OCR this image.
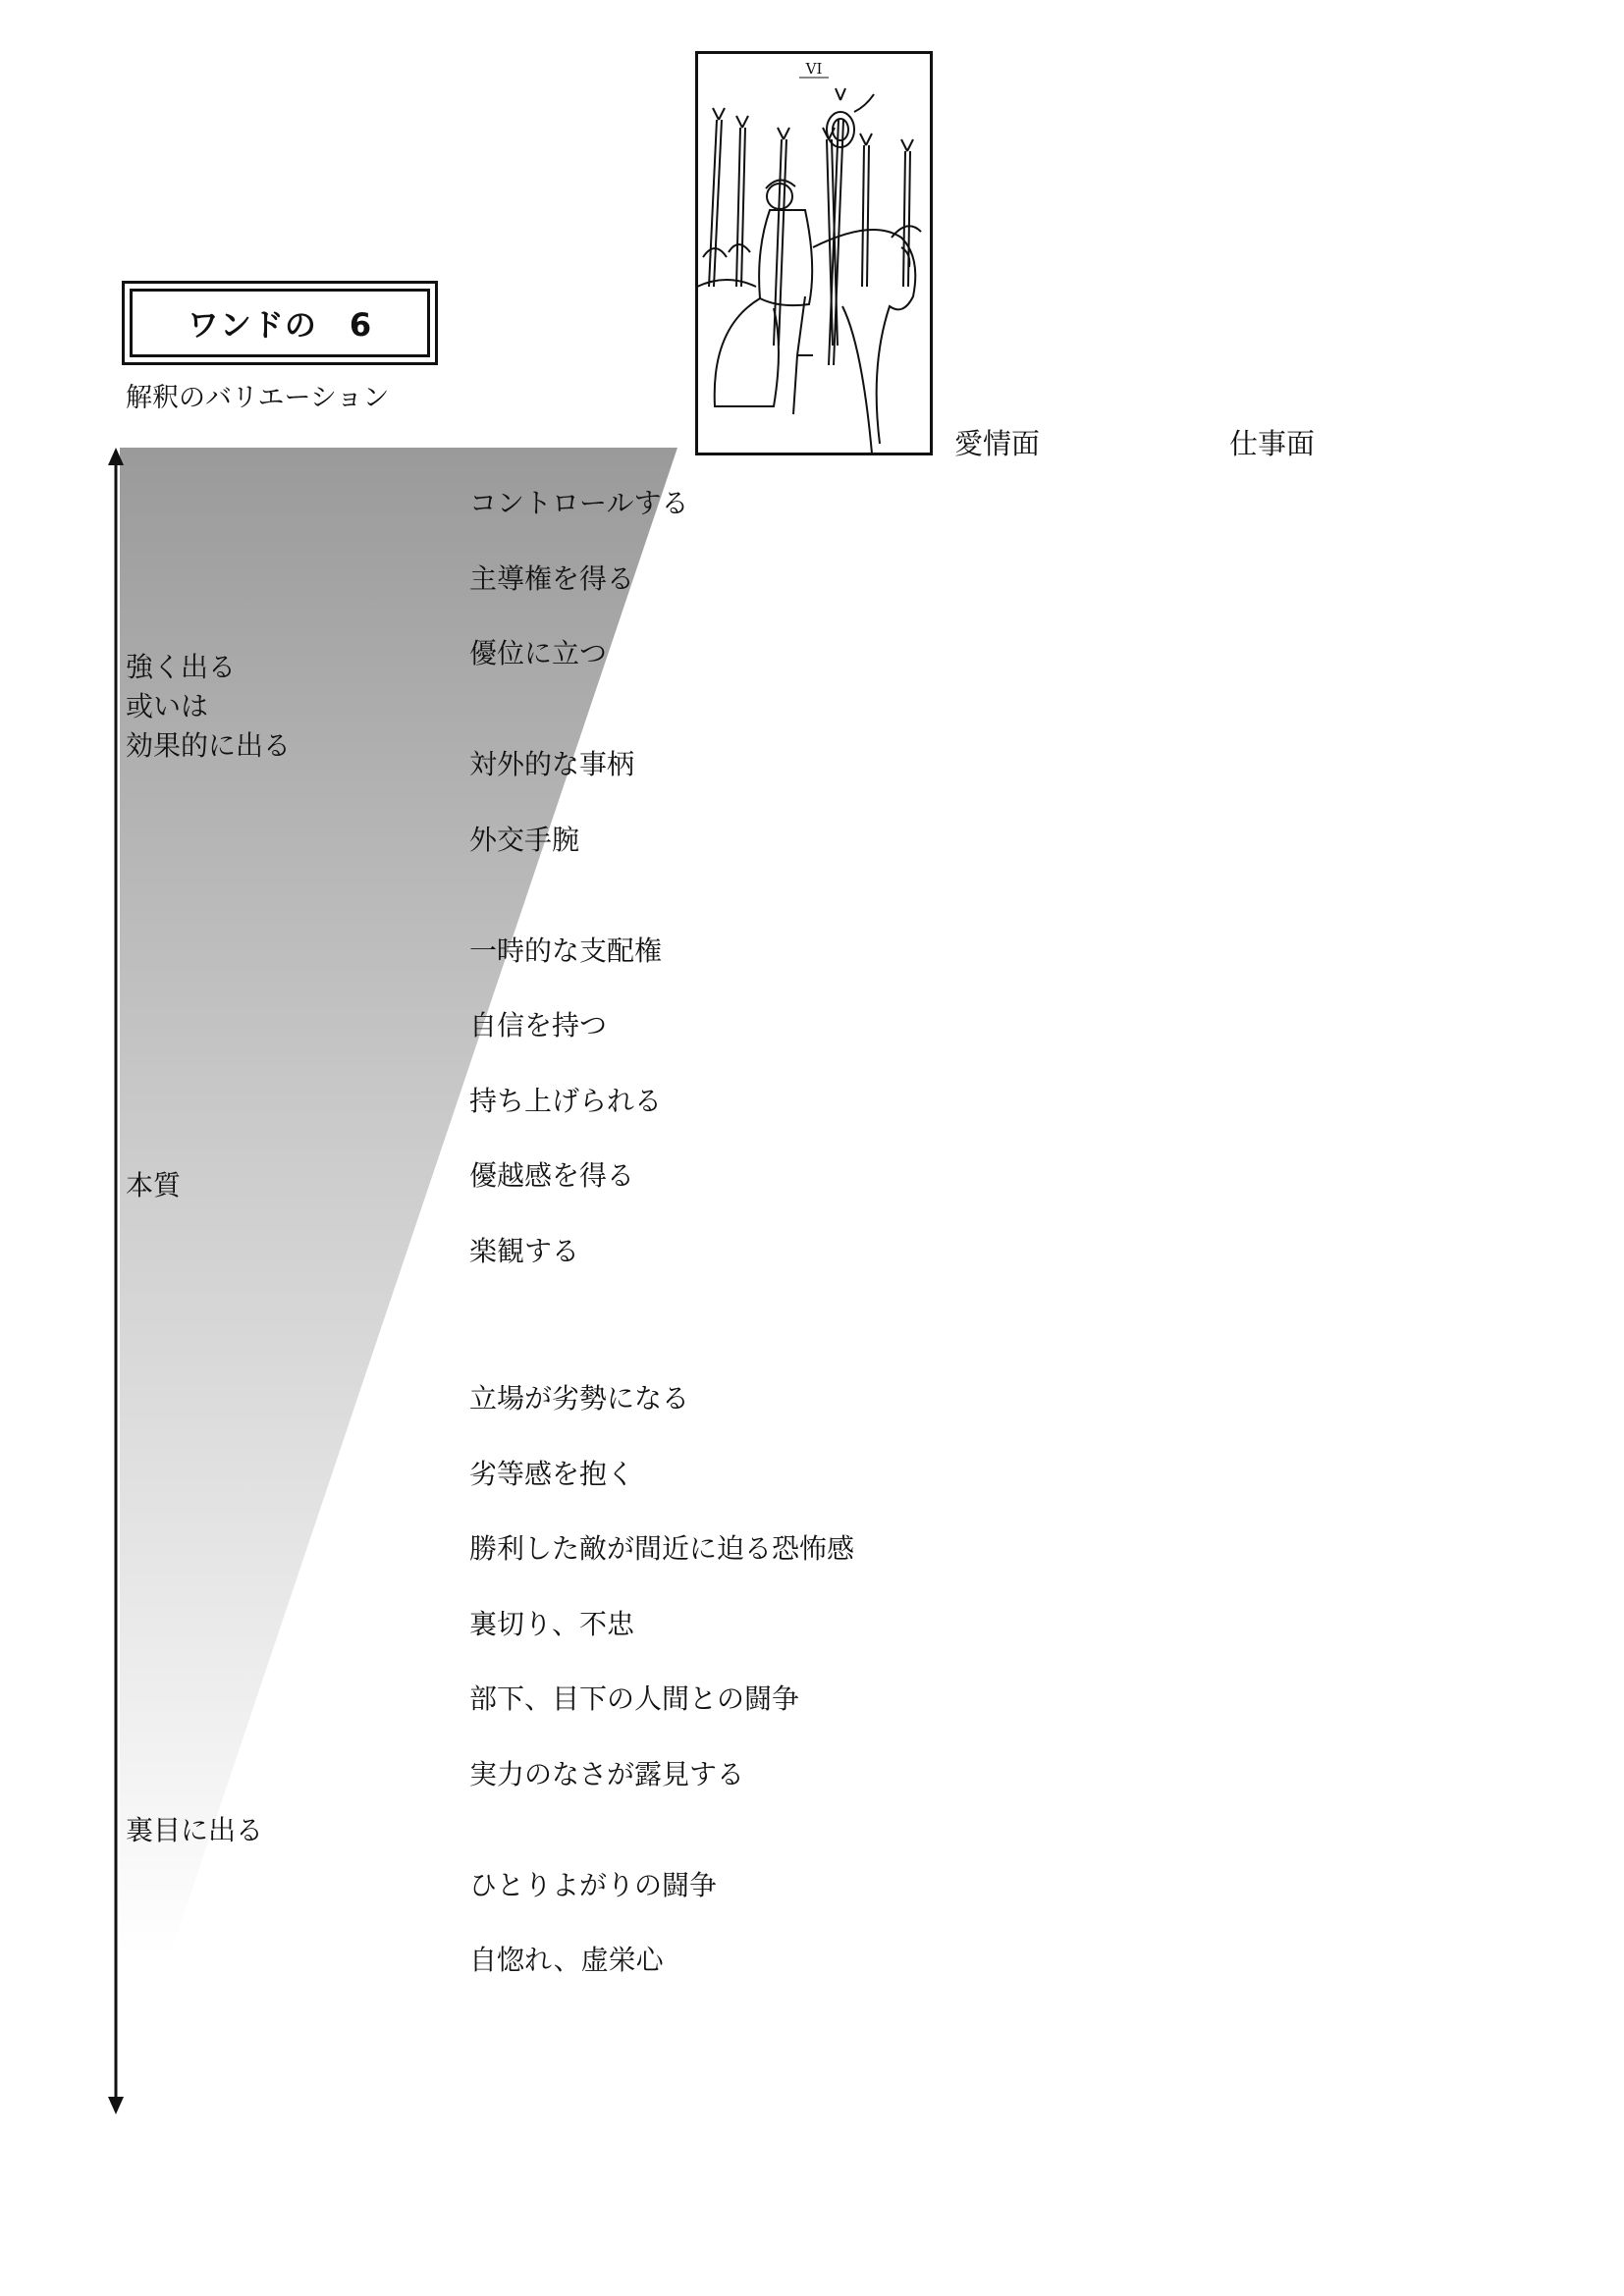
ワンドの　6
解釈のバリエーション
VI
愛情面	仕事面
強く出る
或いは
効果的に出る
本質
裏目に出る
コントロールする
主導権を得る
優位に立つ
対外的な事柄
外交手腕
一時的な支配権
自信を持つ
持ち上げられる
優越感を得る
楽観する
立場が劣勢になる
劣等感を抱く
勝利した敵が間近に迫る恐怖感
裏切り、不忠
部下、目下の人間との闘争
実力のなさが露見する
ひとりよがりの闘争
自惚れ、虚栄心
